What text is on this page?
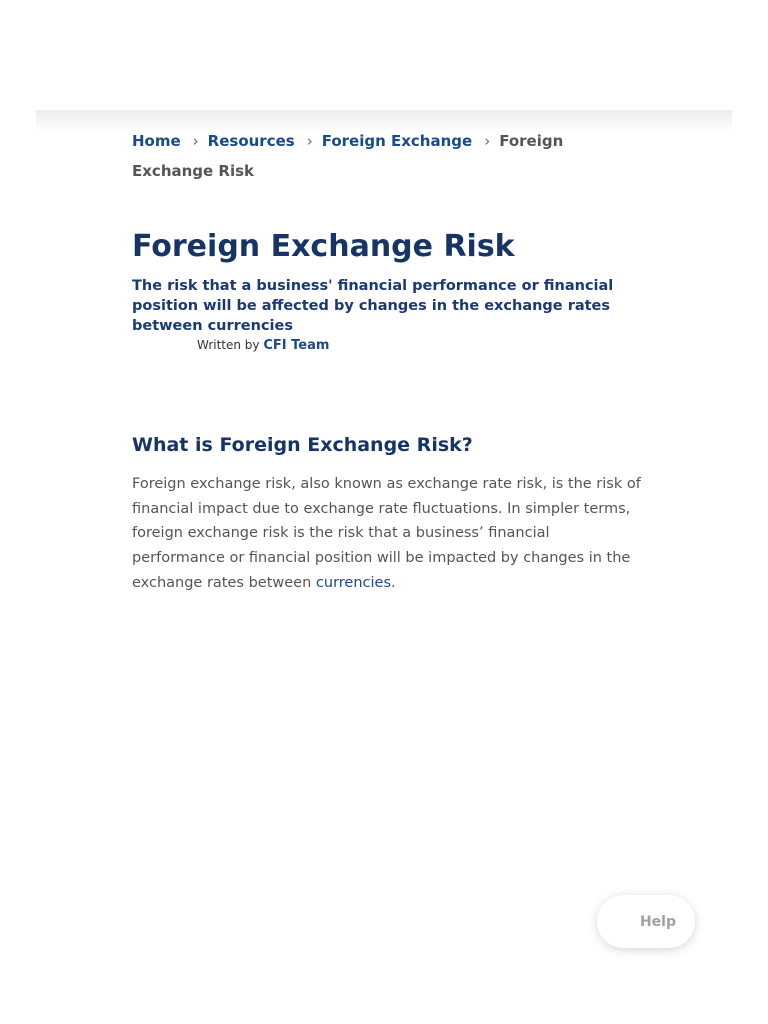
Home › Resources › Foreign Exchange › Foreign Exchange Risk
Foreign Exchange Risk

The risk that a business' financial performance or financial position will be affected by changes in the exchange rates between currencies

Written by CFI Team
What is Foreign Exchange Risk?

Foreign exchange risk, also known as exchange rate risk, is the risk of financial impact due to exchange rate fluctuations. In simpler terms, foreign exchange risk is the risk that a business’ financial performance or financial position will be impacted by changes in the exchange rates between currencies.

Help
